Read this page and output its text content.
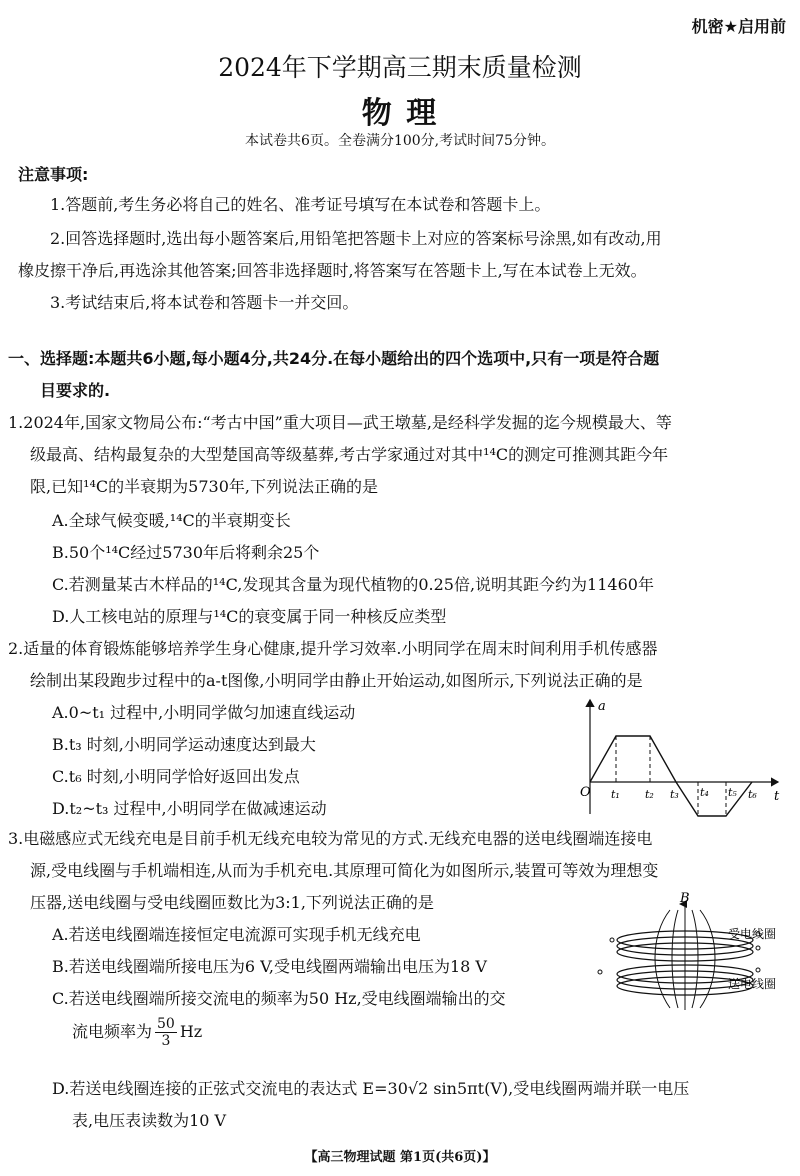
机密★启用前
2024年下学期高三期末质量检测
物 理
本试卷共6页。全卷满分100分,考试时间75分钟。
注意事项:
1.答题前,考生务必将自己的姓名、准考证号填写在本试卷和答题卡上。
2.回答选择题时,选出每小题答案后,用铅笔把答题卡上对应的答案标号涂黑,如有改动,用
橡皮擦干净后,再选涂其他答案;回答非选择题时,将答案写在答题卡上,写在本试卷上无效。
3.考试结束后,将本试卷和答题卡一并交回。
一、选择题:本题共6小题,每小题4分,共24分.在每小题给出的四个选项中,只有一项是符合题
目要求的.
1.2024年,国家文物局公布:“考古中国”重大项目—武王墩墓,是经科学发掘的迄今规模最大、等
级最高、结构最复杂的大型楚国高等级墓葬,考古学家通过对其中¹⁴C的测定可推测其距今年
限,已知¹⁴C的半衰期为5730年,下列说法正确的是
A.全球气候变暖,¹⁴C的半衰期变长
B.50个¹⁴C经过5730年后将剩余25个
C.若测量某古木样品的¹⁴C,发现其含量为现代植物的0.25倍,说明其距今约为11460年
D.人工核电站的原理与¹⁴C的衰变属于同一种核反应类型
2.适量的体育锻炼能够培养学生身心健康,提升学习效率.小明同学在周末时间利用手机传感器
绘制出某段跑步过程中的a-t图像,小明同学由静止开始运动,如图所示,下列说法正确的是
A.0~t₁ 过程中,小明同学做匀加速直线运动
B.t₃ 时刻,小明同学运动速度达到最大
C.t₆ 时刻,小明同学恰好返回出发点
D.t₂~t₃ 过程中,小明同学在做减速运动
a
t
O t₁ t₂ t₃ t₄ t₅ t₆
3.电磁感应式无线充电是目前手机无线充电较为常见的方式.无线充电器的送电线圈端连接电
源,受电线圈与手机端相连,从而为手机充电.其原理可简化为如图所示,装置可等效为理想变
压器,送电线圈与受电线圈匝数比为3:1,下列说法正确的是
A.若送电线圈端连接恒定电流源可实现手机无线充电
B.若送电线圈端所接电压为6 V,受电线圈两端输出电压为18 V
C.若送电线圈端所接交流电的频率为50 Hz,受电线圈端输出的交
流电频率为 $\frac{50}{3}$ Hz
D.若送电线圈连接的正弦式交流电的表达式 E=30√2 sin5πt(V),受电线圈两端并联一电压
表,电压表读数为10 V
B
受电线圈
送电线圈
【高三物理试题 第1页(共6页)】
